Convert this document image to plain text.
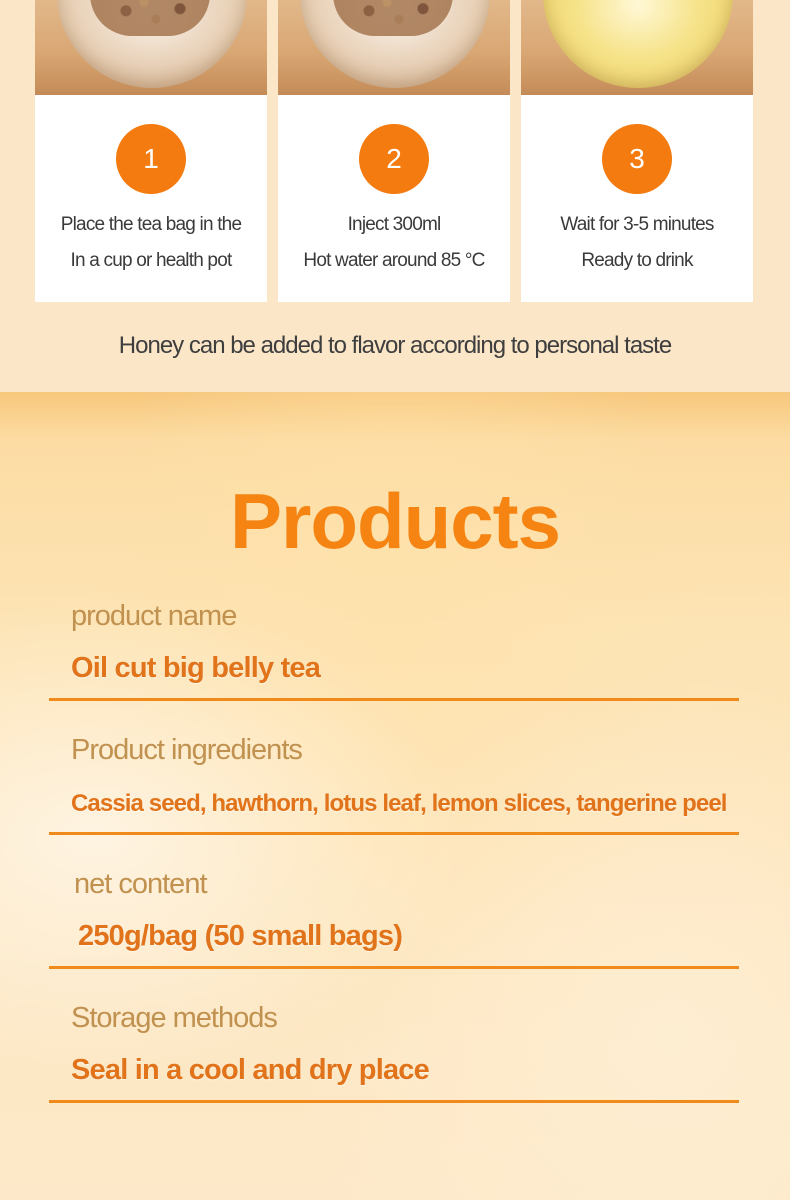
1
Place the tea bag in the
In a cup or health pot
2
Inject 300ml
Hot water around 85 °C
3
Wait for 3-5 minutes
Ready to drink
Honey can be added to flavor according to personal taste
Products
product name
Oil cut big belly tea
Product ingredients
Cassia seed, hawthorn, lotus leaf, lemon slices, tangerine peel
net content
250g/bag (50 small bags)
Storage methods
Seal in a cool and dry place
